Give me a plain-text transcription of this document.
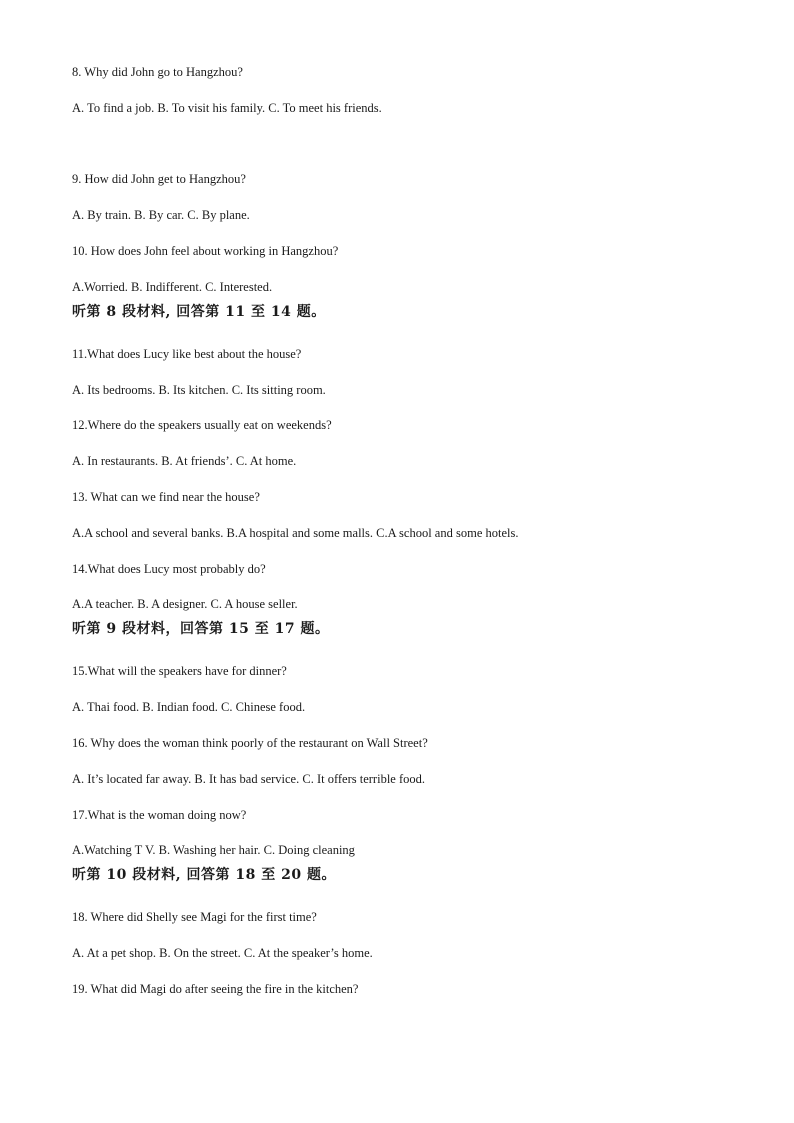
8. Why did John go to Hangzhou?
A. To find a job. B. To visit his family. C. To meet his friends.
9. How did John get to Hangzhou?
A. By train. B. By car. C. By plane.
10. How does John feel about working in Hangzhou?
A.Worried. B. Indifferent. C. Interested.
听第 8 段材料, 回答第 11 至 14 题。
11.What does Lucy like best about the house?
A. Its bedrooms. B. Its kitchen. C. Its sitting room.
12.Where do the speakers usually eat on weekends?
A. In restaurants. B. At friends’. C. At home.
13. What can we find near the house?
A.A school and several banks. B.A hospital and some malls. C.A school and some hotels.
14.What does Lucy most probably do?
A.A teacher. B. A designer. C. A house seller.
听第 9 段材料，回答第 15 至 17 题。
15.What will the speakers have for dinner?
A. Thai food. B. Indian food. C. Chinese food.
16. Why does the woman think poorly of the restaurant on Wall Street?
A. It’s located far away. B. It has bad service. C. It offers terrible food.
17.What is the woman doing now?
A.Watching T V. B. Washing her hair. C. Doing cleaning
听第 10 段材料, 回答第 18 至 20 题。
18. Where did Shelly see Magi for the first time?
A. At a pet shop. B. On the street. C. At the speaker’s home.
19. What did Magi do after seeing the fire in the kitchen?
